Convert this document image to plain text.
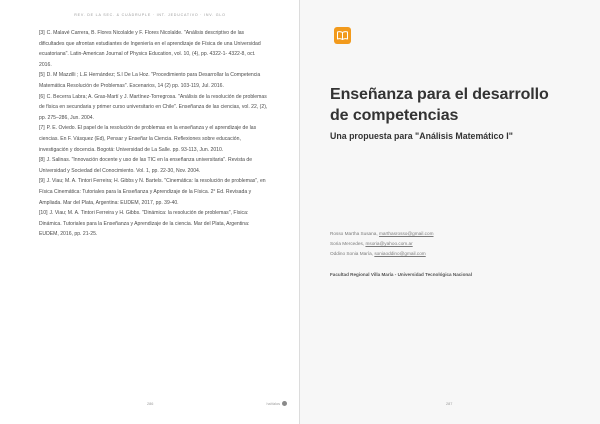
REV. DE LA SEC. & CUÁDRUPLE · INT. JEDUCATIVO · INV. GLO

[3] C. Malavé Carrera, B. Flores Nicolalde y F. Flores Nicolalde. "Análisis descriptivo de las dificultades que afrontan estudiantes de Ingeniería en el aprendizaje de Física de una Universidad ecuatoriana". Latin-American Journal of Physics Education, vol. 10, (4), pp. 4322-1- 4322-8, oct. 2016.

[5] D. M Mazzilli ; L.E Hernández; S.I De La Hoz. "Procedimiento para Desarrollar la Competencia Matemática Resolución de Problemas". Escenarios, 14 (2) pp. 103-119, Jul. 2016.

[6] C. Becerra Labra; A. Gras-Martí y J. Martínez-Torregrosa. "Análisis de la resolución de problemas de física en secundaria y primer curso universitario en Chile". Enseñanza de las ciencias, vol. 22, (2), pp. 275–286, Jun. 2004.

[7] P. E. Oviedo. El papel de la resolución de problemas en la enseñanza y el aprendizaje de las ciencias. En F. Vásquez (Ed), Pensar y Enseñar la Ciencia. Reflexiones sobre educación, investigación y docencia. Bogotá: Universidad de La Salle. pp. 93-113, Jun. 2010.

[8] J. Salinas. "Innovación docente y uso de las TIC en la enseñanza universitaria". Revista de Universidad y Sociedad del Conocimiento. Vol. 1, pp. 22-30, Nov. 2004.

[9] J. Viau; M. A. Tintori Ferreira; H. Gibbs y N. Bartels. "Cinemática: la resolución de problemas", en Física Cinemática: Tutoriales para la Enseñanza y Aprendizaje de la Física. 2° Ed. Revisada y Ampliada. Mar del Plata, Argentina: EUDEM, 2017, pp. 39-40.

[10] J. Viau; M. A. Tintori Ferreira y H. Gibbs. "Dinámica: la resolución de problemas", Física: Dinámica. Tutoriales para la Enseñanza y Aprendizaje de la ciencia. Mar del Plata, Argentina: EUDEM, 2016, pp. 21-25.

286	haValos
Enseñanza para el desarrollo de competencias
Una propuesta para "Análisis Matemático I"
Rosso Martha Susana, marthasrosso@gmail.com
Soria Mercedes, msoria@yahoo.com.ar
Oddino Sonia María, soniaoddino@gmail.com
Facultad Regional Villa María - Universidad Tecnológica Nacional
287
